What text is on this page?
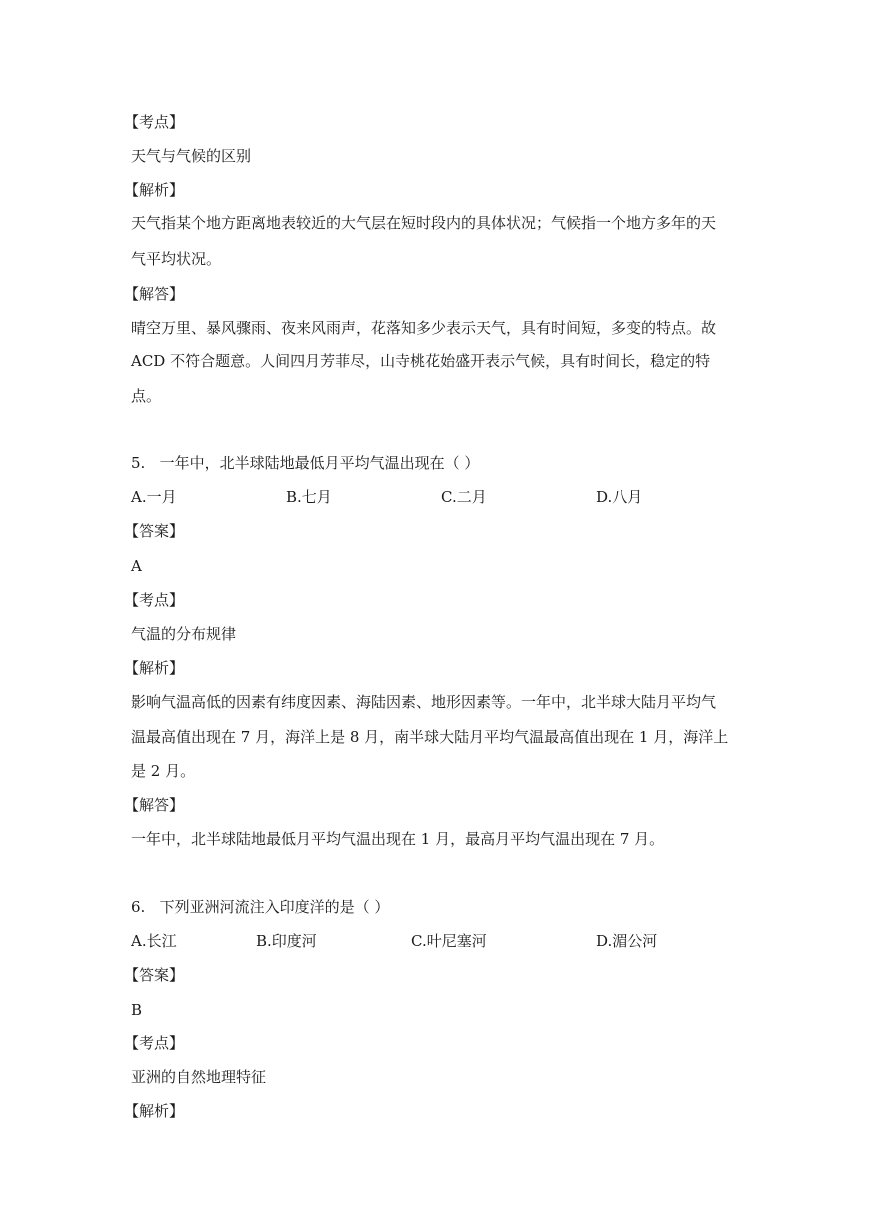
【考点】
天气与气候的区别
【解析】
天气指某个地方距离地表较近的大气层在短时段内的具体状况；气候指一个地方多年的天
气平均状况。
【解答】
晴空万里、暴风骤雨、夜来风雨声，花落知多少表示天气，具有时间短，多变的特点。故
ACD 不符合题意。人间四月芳菲尽，山寺桃花始盛开表示气候，具有时间长，稳定的特
点。
5.   一年中，北半球陆地最低月平均气温出现在（ ）
A.一月	B.七月	C.二月	D.八月
【答案】
A
【考点】
气温的分布规律
【解析】
影响气温高低的因素有纬度因素、海陆因素、地形因素等。一年中，北半球大陆月平均气
温最高值出现在 7 月，海洋上是 8 月，南半球大陆月平均气温最高值出现在 1 月，海洋上
是 2 月。
【解答】
一年中，北半球陆地最低月平均气温出现在 1 月，最高月平均气温出现在 7 月。
6.   下列亚洲河流注入印度洋的是（ ）
A.长江	B.印度河	C.叶尼塞河	D.湄公河
【答案】
B
【考点】
亚洲的自然地理特征
【解析】
